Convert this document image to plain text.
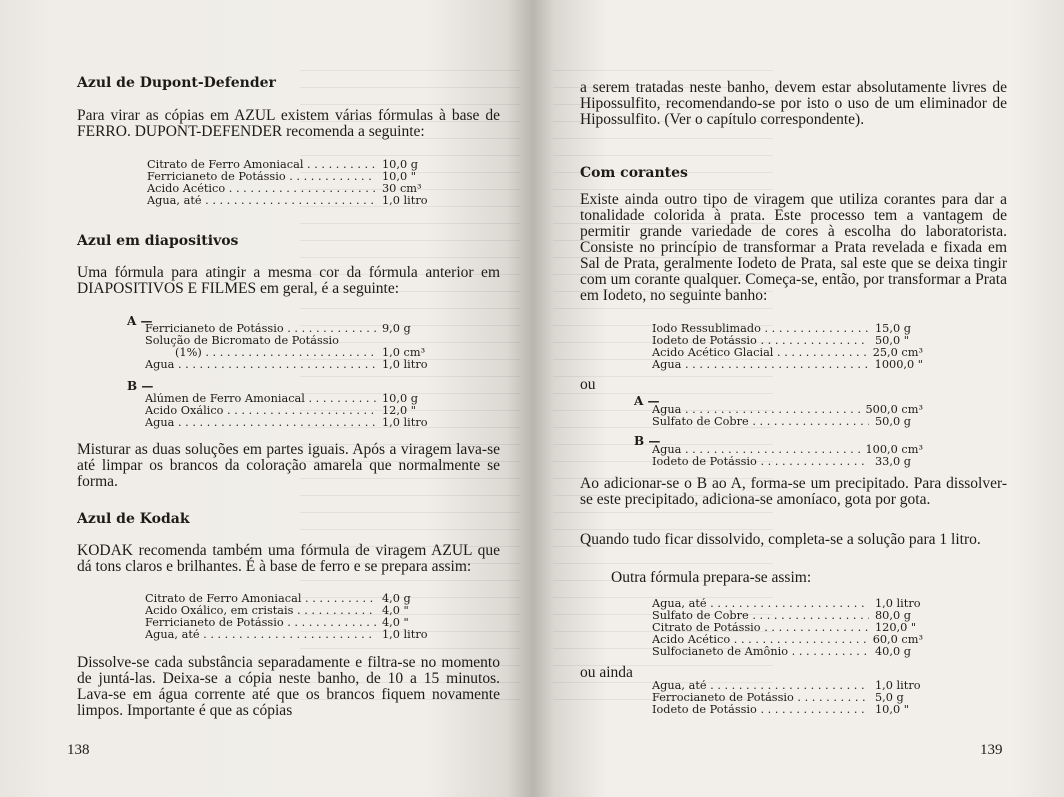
Azul de Dupont-Defender
Para virar as cópias em AZUL existem várias fórmulas à base de FERRO. DUPONT-DEFENDER recomenda a seguinte:
Citrato de Ferro Amoniacal . . .	10,0 g
Ferricianeto de Potássio . . .	10,0 "
Ácido Acético . . .	30 cm³
Água, até . . .	1,0 litro
Azul em diapositivos
Uma fórmula para atingir a mesma cor da fórmula anterior em DIAPOSITIVOS E FILMES em geral, é a seguinte:
A —
Ferricianeto de Potássio . . .	9,0 g
Solução de Bicromato de Potássio
(1%) . . .	1,0 cm³
Água . . .	1,0 litro
B —
Alúmen de Ferro Amoniacal . . .	10,0 g
Ácido Oxálico . . .	12,0 "
Água . . .	1,0 litro
Misturar as duas soluções em partes iguais. Após a viragem lava-se até limpar os brancos da coloração amarela que normalmente se forma.
Azul de Kodak
KODAK recomenda também uma fórmula de viragem AZUL que dá tons claros e brilhantes. É à base de ferro e se prepara assim:
Citrato de Ferro Amoniacal . . .	4,0 g
Ácido Oxálico, em cristais . . .	4,0 "
Ferricianeto de Potássio . . .	4,0 "
Água, até . . .	1,0 litro
Dissolve-se cada substância separadamente e filtra-se no momento de juntá-las. Deixa-se a cópia neste banho, de 10 a 15 minutos. Lava-se em água corrente até que os brancos fiquem novamente limpos. Importante é que as cópias
138
a serem tratadas neste banho, devem estar absolutamente livres de Hipossulfito, recomendando-se por isto o uso de um eliminador de Hipossulfito. (Ver o capítulo correspondente).
Com corantes
Existe ainda outro tipo de viragem que utiliza corantes para dar a tonalidade colorida à prata. Este processo tem a vantagem de permitir grande variedade de cores à escolha do laboratorista. Consiste no princípio de transformar a Prata revelada e fixada em Sal de Prata, geralmente Iodeto de Prata, sal este que se deixa tingir com um corante qualquer. Começa-se, então, por transformar a Prata em Iodeto, no seguinte banho:
Iodo Ressublimado . . .	15,0 g
Iodeto de Potássio . . .	50,0 "
Ácido Acético Glacial . . .	25,0 cm³
Água . . .	1000,0 "
ou
A —
Água . . .	500,0 cm³
Sulfato de Cobre . . .	50,0 g
B —
Água . . .	100,0 cm³
Iodeto de Potássio . . .	33,0 g
Ao adicionar-se o B ao A, forma-se um precipitado. Para dissolver-se este precipitado, adiciona-se amoníaco, gota por gota.
Quando tudo ficar dissolvido, completa-se a solução para 1 litro.
Outra fórmula prepara-se assim:
Água, até . . .	1,0 litro
Sulfato de Cobre . . .	80,0 g
Citrato de Potássio . . .	120,0 "
Ácido Acético . . .	60,0 cm³
Sulfocianeto de Amônio . . .	40,0 g
ou ainda
Água, até . . .	1,0 litro
Ferrocianeto de Potássio . . .	5,0 g
Iodeto de Potássio . . .	10,0 "
139
